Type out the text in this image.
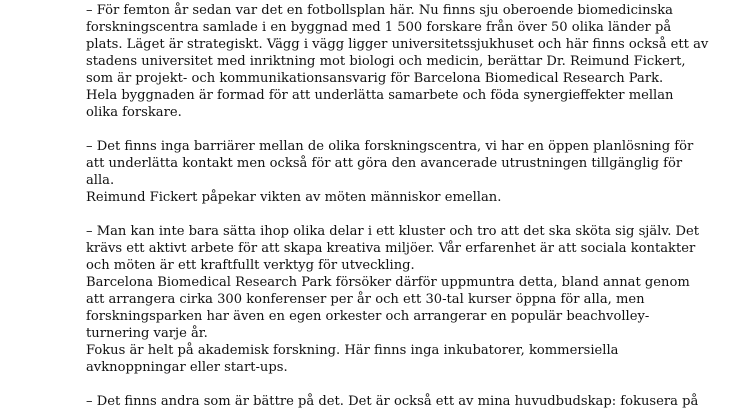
– För femton år sedan var det en fotbollsplan här. Nu finns sju oberoende biomedicinska
forskningscentra samlade i en byggnad med 1 500 forskare från över 50 olika länder på
plats. Läget är strategiskt. Vägg i vägg ligger universitetssjukhuset och här finns också ett av
stadens universitet med inriktning mot biologi och medicin, berättar Dr. Reimund Fickert,
som är projekt- och kommunikationsansvarig för Barcelona Biomedical Research Park.
Hela byggnaden är formad för att underlätta samarbete och föda synergieffekter mellan
olika forskare.
– Det finns inga barriärer mellan de olika forskningscentra, vi har en öppen planlösning för
att underlätta kontakt men också för att göra den avancerade utrustningen tillgänglig för
alla.
Reimund Fickert påpekar vikten av möten människor emellan.
– Man kan inte bara sätta ihop olika delar i ett kluster och tro att det ska sköta sig själv. Det
krävs ett aktivt arbete för att skapa kreativa miljöer. Vår erfarenhet är att sociala kontakter
och möten är ett kraftfullt verktyg för utveckling.
Barcelona Biomedical Research Park försöker därför uppmuntra detta, bland annat genom
att arrangera cirka 300 konferenser per år och ett 30-tal kurser öppna för alla, men
forskningsparken har även en egen orkester och arrangerar en populär beachvolley-
turnering varje år.
Fokus är helt på akademisk forskning. Här finns inga inkubatorer, kommersiella
avknoppningar eller start-ups.
– Det finns andra som är bättre på det. Det är också ett av mina huvudbudskap: fokusera på
